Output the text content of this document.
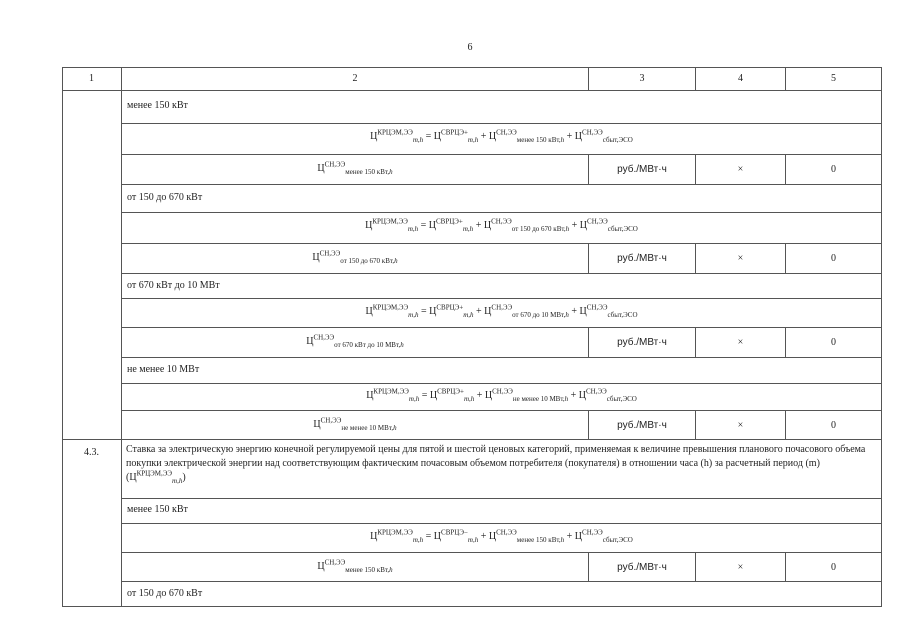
6
1	2	3	4	5
менее 150 кВт
$Ц^{КРЦЭМ,ЭЭ}_{m,h} = Ц^{СВРЦЭ+}_{m,h} + Ц^{СН,ЭЭ}_{менее 150 кВт,h} + Ц^{СН,ЭЭ}_{сбыт,ЭСО}$
$Ц^{СН,ЭЭ}_{менее 150 кВт,h}$	руб./МВт·ч	×	0
от 150 до 670 кВт
$Ц^{КРЦЭМ,ЭЭ}_{m,h} = Ц^{СВРЦЭ+}_{m,h} + Ц^{СН,ЭЭ}_{от 150 до 670 кВт,h} + Ц^{СН,ЭЭ}_{сбыт,ЭСО}$
$Ц^{СН,ЭЭ}_{от 150 до 670 кВт,h}$	руб./МВт·ч	×	0
от 670 кВт до 10 МВт
$Ц^{КРЦЭМ,ЭЭ}_{m,h} = Ц^{СВРЦЭ+}_{m,h} + Ц^{СН,ЭЭ}_{от 670 до 10 МВт,h} + Ц^{СН,ЭЭ}_{сбыт,ЭСО}$
$Ц^{СН,ЭЭ}_{от 670 кВт до 10 МВт,h}$	руб./МВт·ч	×	0
не менее 10 МВт
$Ц^{КРЦЭМ,ЭЭ}_{m,h} = Ц^{СВРЦЭ+}_{m,h} + Ц^{СН,ЭЭ}_{не менее 10 МВт,h} + Ц^{СН,ЭЭ}_{сбыт,ЭСО}$
$Ц^{СН,ЭЭ}_{не менее 10 МВт,h}$	руб./МВт·ч	×	0
4.3.	Ставка за электрическую энергию конечной регулируемой цены для пятой и шестой ценовых категорий, применяемая к величине превышения планового почасового объема покупки электрической энергии над соответствующим фактическим почасовым объемом потребителя (покупателя) в отношении часа (h) за расчетный период (m) $(Ц^{КРЦЭМ,ЭЭ}_{m,h})$
менее 150 кВт
$Ц^{КРЦЭМ,ЭЭ}_{m,h} = Ц^{СВРЦЭ-}_{m,h} + Ц^{СН,ЭЭ}_{менее 150 кВт,h} + Ц^{СН,ЭЭ}_{сбыт,ЭСО}$
$Ц^{СН,ЭЭ}_{менее 150 кВт,h}$	руб./МВт·ч	×	0
от 150 до 670 кВт
